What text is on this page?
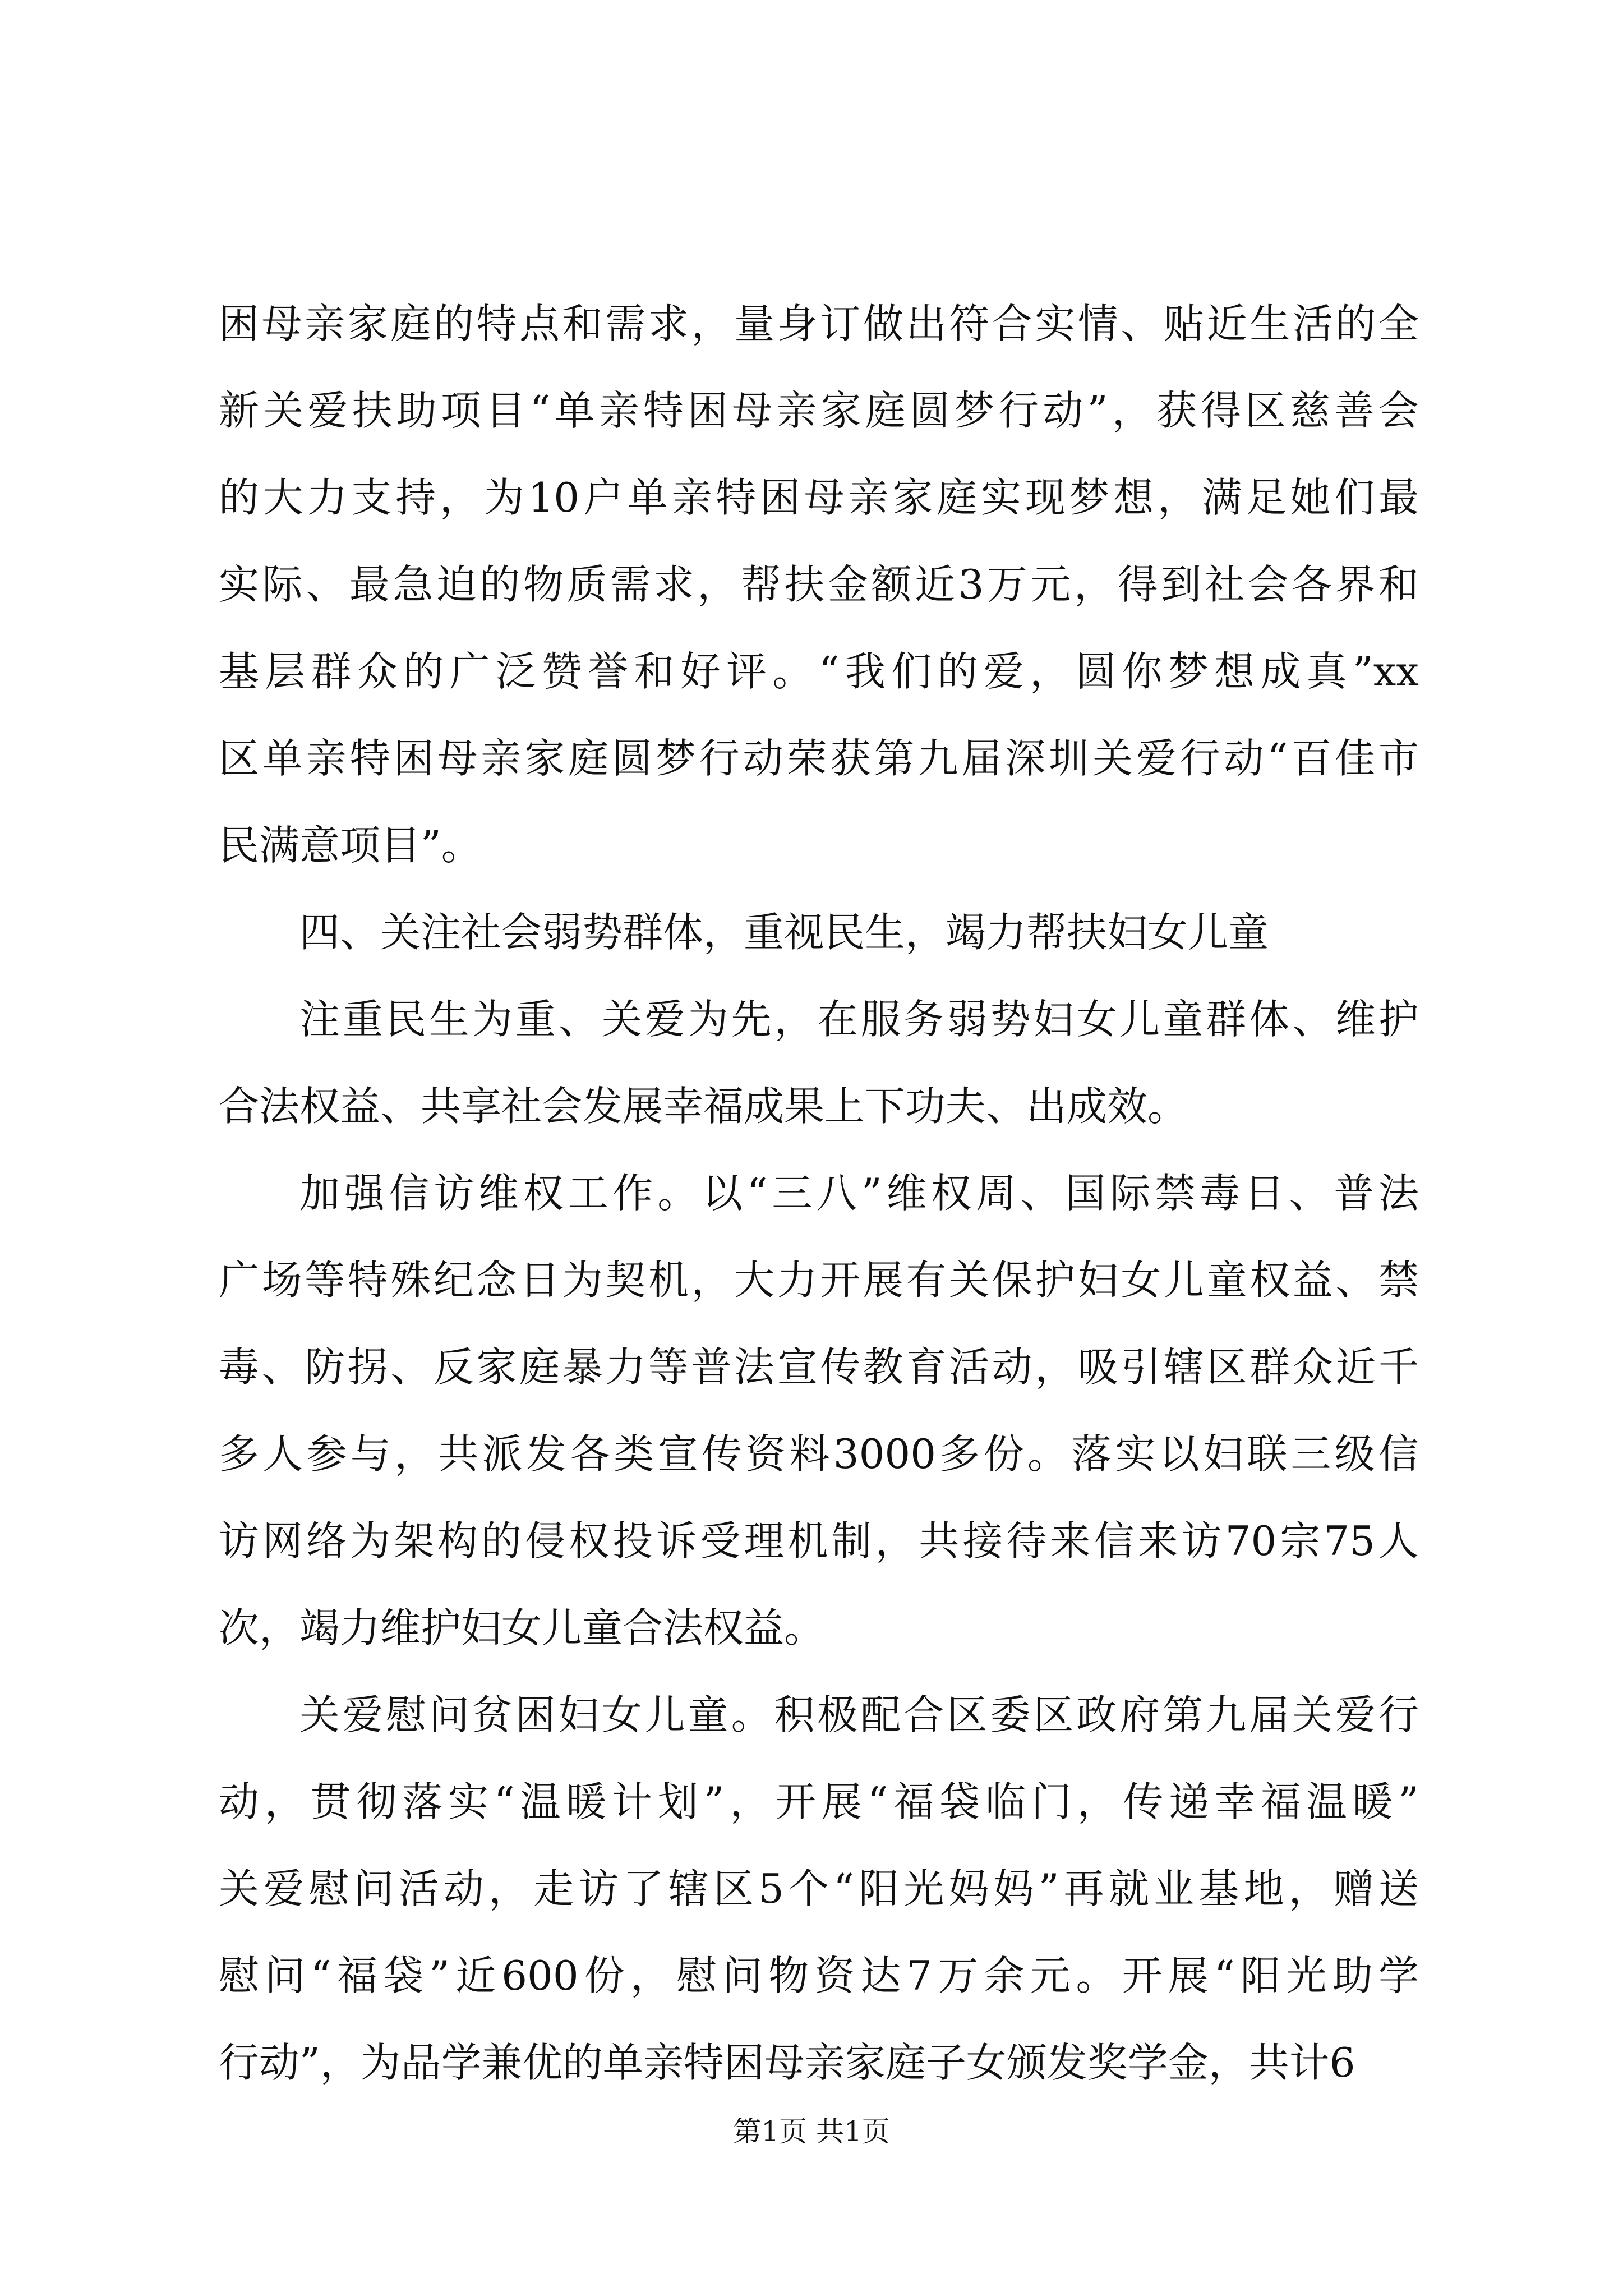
困母亲家庭的特点和需求，量身订做出符合实情、贴近生活的全
新关爱扶助项目“单亲特困母亲家庭圆梦行动”，获得区慈善会
的大力支持，为10户单亲特困母亲家庭实现梦想，满足她们最
实际、最急迫的物质需求，帮扶金额近3万元，得到社会各界和
基层群众的广泛赞誉和好评。“我们的爱，圆你梦想成真”xx
区单亲特困母亲家庭圆梦行动荣获第九届深圳关爱行动“百佳市
民满意项目”。
四、关注社会弱势群体，重视民生，竭力帮扶妇女儿童
注重民生为重、关爱为先，在服务弱势妇女儿童群体、维护
合法权益、共享社会发展幸福成果上下功夫、出成效。
加强信访维权工作。以“三八”维权周、国际禁毒日、普法
广场等特殊纪念日为契机，大力开展有关保护妇女儿童权益、禁
毒、防拐、反家庭暴力等普法宣传教育活动，吸引辖区群众近千
多人参与，共派发各类宣传资料3000多份。落实以妇联三级信
访网络为架构的侵权投诉受理机制，共接待来信来访70宗75人
次，竭力维护妇女儿童合法权益。
关爱慰问贫困妇女儿童。积极配合区委区政府第九届关爱行
动，贯彻落实“温暖计划”，开展“福袋临门，传递幸福温暖”
关爱慰问活动，走访了辖区5个“阳光妈妈”再就业基地，赠送
慰问“福袋”近600份，慰问物资达7万余元。开展“阳光助学
行动”，为品学兼优的单亲特困母亲家庭子女颁发奖学金，共计6
第1页 共1页
